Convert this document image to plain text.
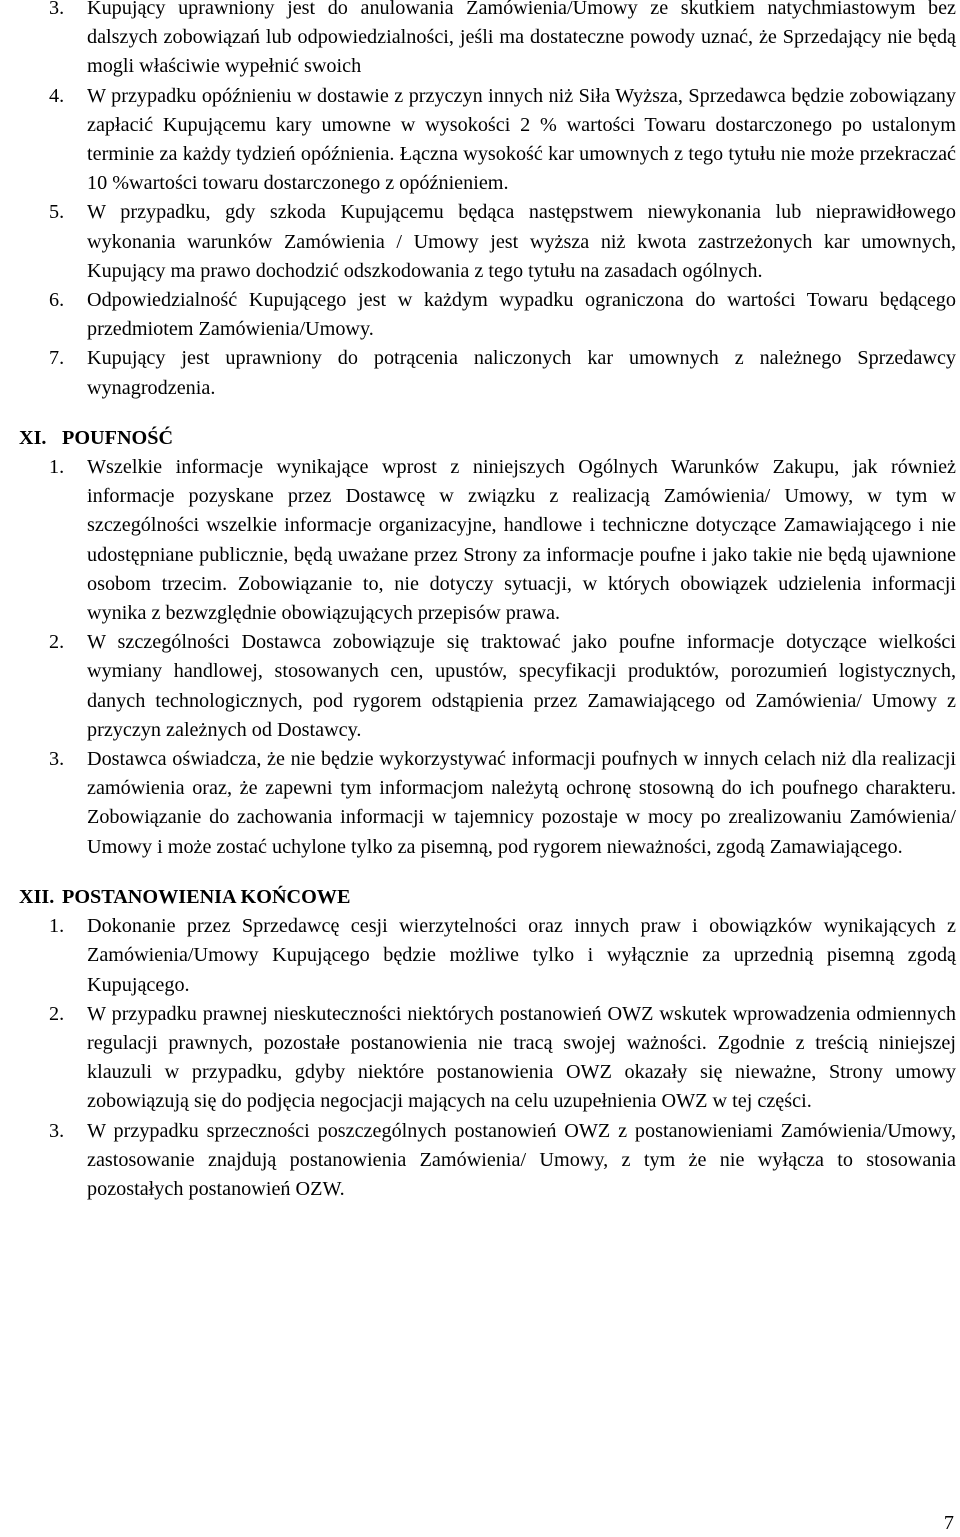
3. Kupujący uprawniony jest do anulowania Zamówienia/Umowy ze skutkiem natychmiastowym bez dalszych zobowiązań lub odpowiedzialności, jeśli ma dostateczne powody uznać, że Sprzedający nie będą mogli właściwie wypełnić swoich
4. W przypadku opóźnieniu w dostawie z przyczyn innych niż Siła Wyższa, Sprzedawca będzie zobowiązany zapłacić Kupującemu kary umowne w wysokości 2 % wartości Towaru dostarczonego po ustalonym terminie za każdy tydzień opóźnienia. Łączna wysokość kar umownych z tego tytułu nie może przekraczać 10 %wartości towaru dostarczonego z opóźnieniem.
5. W przypadku, gdy szkoda Kupującemu będąca następstwem niewykonania lub nieprawidłowego wykonania warunków Zamówienia / Umowy jest wyższa niż kwota zastrzeżonych kar umownych, Kupujący ma prawo dochodzić odszkodowania z tego tytułu na zasadach ogólnych.
6. Odpowiedzialność Kupującego jest w każdym wypadku ograniczona do wartości Towaru będącego przedmiotem Zamówienia/Umowy.
7. Kupujący jest uprawniony do potrącenia naliczonych kar umownych z należnego Sprzedawcy wynagrodzenia.
XI. POUFNOŚĆ
1. Wszelkie informacje wynikające wprost z niniejszych Ogólnych Warunków Zakupu, jak również informacje pozyskane przez Dostawcę w związku z realizacją Zamówienia/ Umowy, w tym w szczególności wszelkie informacje organizacyjne, handlowe i techniczne dotyczące Zamawiającego i nie udostępniane publicznie, będą uważane przez Strony za informacje poufne i jako takie nie będą ujawnione osobom trzecim. Zobowiązanie to, nie dotyczy sytuacji, w których obowiązek udzielenia informacji wynika z bezwzględnie obowiązujących przepisów prawa.
2. W szczególności Dostawca zobowiązuje się traktować jako poufne informacje dotyczące wielkości wymiany handlowej, stosowanych cen, upustów, specyfikacji produktów, porozumień logistycznych, danych technologicznych, pod rygorem odstąpienia przez Zamawiającego od Zamówienia/ Umowy z przyczyn zależnych od Dostawcy.
3. Dostawca oświadcza, że nie będzie wykorzystywać informacji poufnych w innych celach niż dla realizacji zamówienia oraz, że zapewni tym informacjom należytą ochronę stosowną do ich poufnego charakteru. Zobowiązanie do zachowania informacji w tajemnicy pozostaje w mocy po zrealizowaniu Zamówienia/ Umowy i może zostać uchylone tylko za pisemną, pod rygorem nieważności, zgodą Zamawiającego.
XII. POSTANOWIENIA KOŃCOWE
1. Dokonanie przez Sprzedawcę cesji wierzytelności oraz innych praw i obowiązków wynikających z Zamówienia/Umowy Kupującego będzie możliwe tylko i wyłącznie za uprzednią pisemną zgodą Kupującego.
2. W przypadku prawnej nieskuteczności niektórych postanowień OWZ wskutek wprowadzenia odmiennych regulacji prawnych, pozostałe postanowienia nie tracą swojej ważności. Zgodnie z treścią niniejszej klauzuli w przypadku, gdyby niektóre postanowienia OWZ okazały się nieważne, Strony umowy zobowiązują się do podjęcia negocjacji mających na celu uzupełnienia OWZ w tej części.
3. W przypadku sprzeczności poszczególnych postanowień OWZ z postanowieniami Zamówienia/Umowy, zastosowanie znajdują postanowienia Zamówienia/ Umowy, z tym że nie wyłącza to stosowania pozostałych postanowień OZW.
7
